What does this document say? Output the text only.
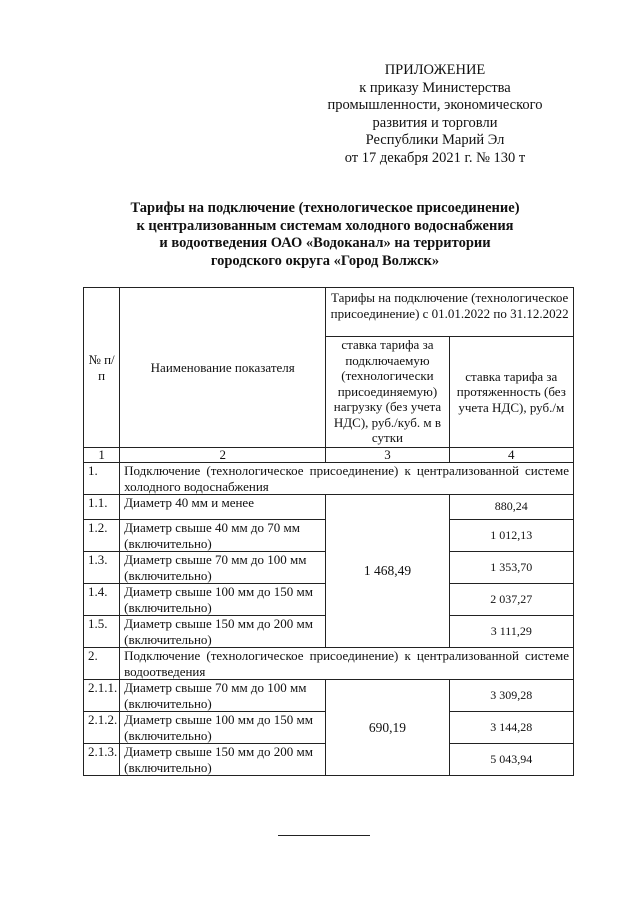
ПРИЛОЖЕНИЕ
к приказу Министерства
промышленности, экономического
развития и торговли
Республики Марий Эл
от 17 декабря 2021 г. № 130 т
Тарифы на подключение (технологическое присоединение)
к централизованным системам холодного водоснабжения
и водоотведения ОАО «Водоканал» на территории
городского округа «Город Волжск»
№ п/п	Наименование показателя	Тарифы на подключение (технологическое присоединение) с 01.01.2022 по 31.12.2022	
		ставка тарифа за подключаемую (технологически присоединяемую) нагрузку (без учета НДС), руб./куб. м в сутки	ставка тарифа за протяженность (без учета НДС), руб./м
1	2	3	4
1.	Подключение (технологическое присоединение) к централизованной системе холодного водоснабжения		
1.1.	Диаметр 40 мм и менее	1 468,49	880,24
1.2.	Диаметр свыше 40 мм до 70 мм (включительно)		1 012,13
1.3.	Диаметр свыше 70 мм до 100 мм (включительно)		1 353,70
1.4.	Диаметр свыше 100 мм до 150 мм (включительно)		2 037,27
1.5.	Диаметр свыше 150 мм до 200 мм (включительно)		3 111,29
2.	Подключение (технологическое присоединение) к централизованной системе водоотведения		
2.1.1.	Диаметр свыше 70 мм до 100 мм (включительно)	690,19	3 309,28
2.1.2.	Диаметр свыше 100 мм до 150 мм (включительно)		3 144,28
2.1.3.	Диаметр свыше 150 мм до 200 мм (включительно)		5 043,94
